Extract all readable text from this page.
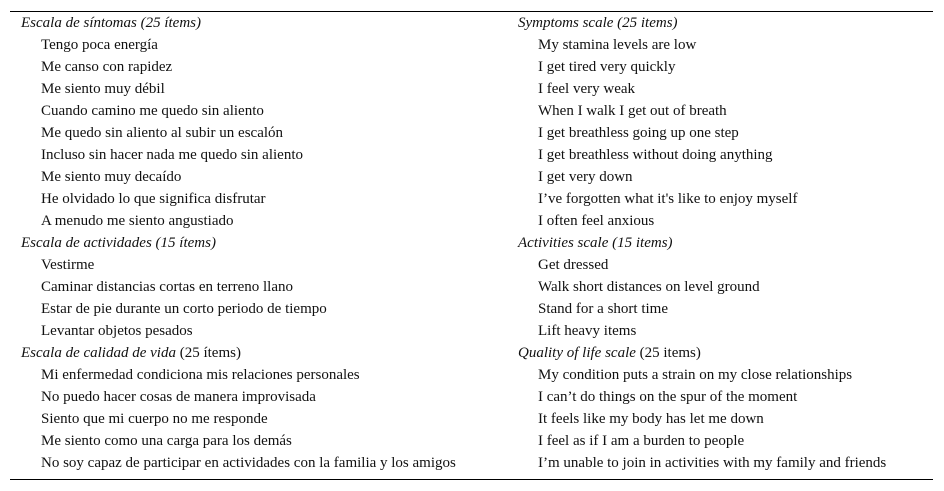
Escala de síntomas (25 ítems)	Symptoms scale (25 items)
Tengo poca energía	My stamina levels are low
Me canso con rapidez	I get tired very quickly
Me siento muy débil	I feel very weak
Cuando camino me quedo sin aliento	When I walk I get out of breath
Me quedo sin aliento al subir un escalón	I get breathless going up one step
Incluso sin hacer nada me quedo sin aliento	I get breathless without doing anything
Me siento muy decaído	I get very down
He olvidado lo que significa disfrutar	I’ve forgotten what it's like to enjoy myself
A menudo me siento angustiado	I often feel anxious
Escala de actividades (15 ítems)	Activities scale (15 items)
Vestirme	Get dressed
Caminar distancias cortas en terreno llano	Walk short distances on level ground
Estar de pie durante un corto periodo de tiempo	Stand for a short time
Levantar objetos pesados	Lift heavy items
Escala de calidad de vida (25 ítems)	Quality of life scale (25 items)
Mi enfermedad condiciona mis relaciones personales	My condition puts a strain on my close relationships
No puedo hacer cosas de manera improvisada	I can’t do things on the spur of the moment
Siento que mi cuerpo no me responde	It feels like my body has let me down
Me siento como una carga para los demás	I feel as if I am a burden to people
No soy capaz de participar en actividades con la familia y los amigos	I’m unable to join in activities with my family and friends
